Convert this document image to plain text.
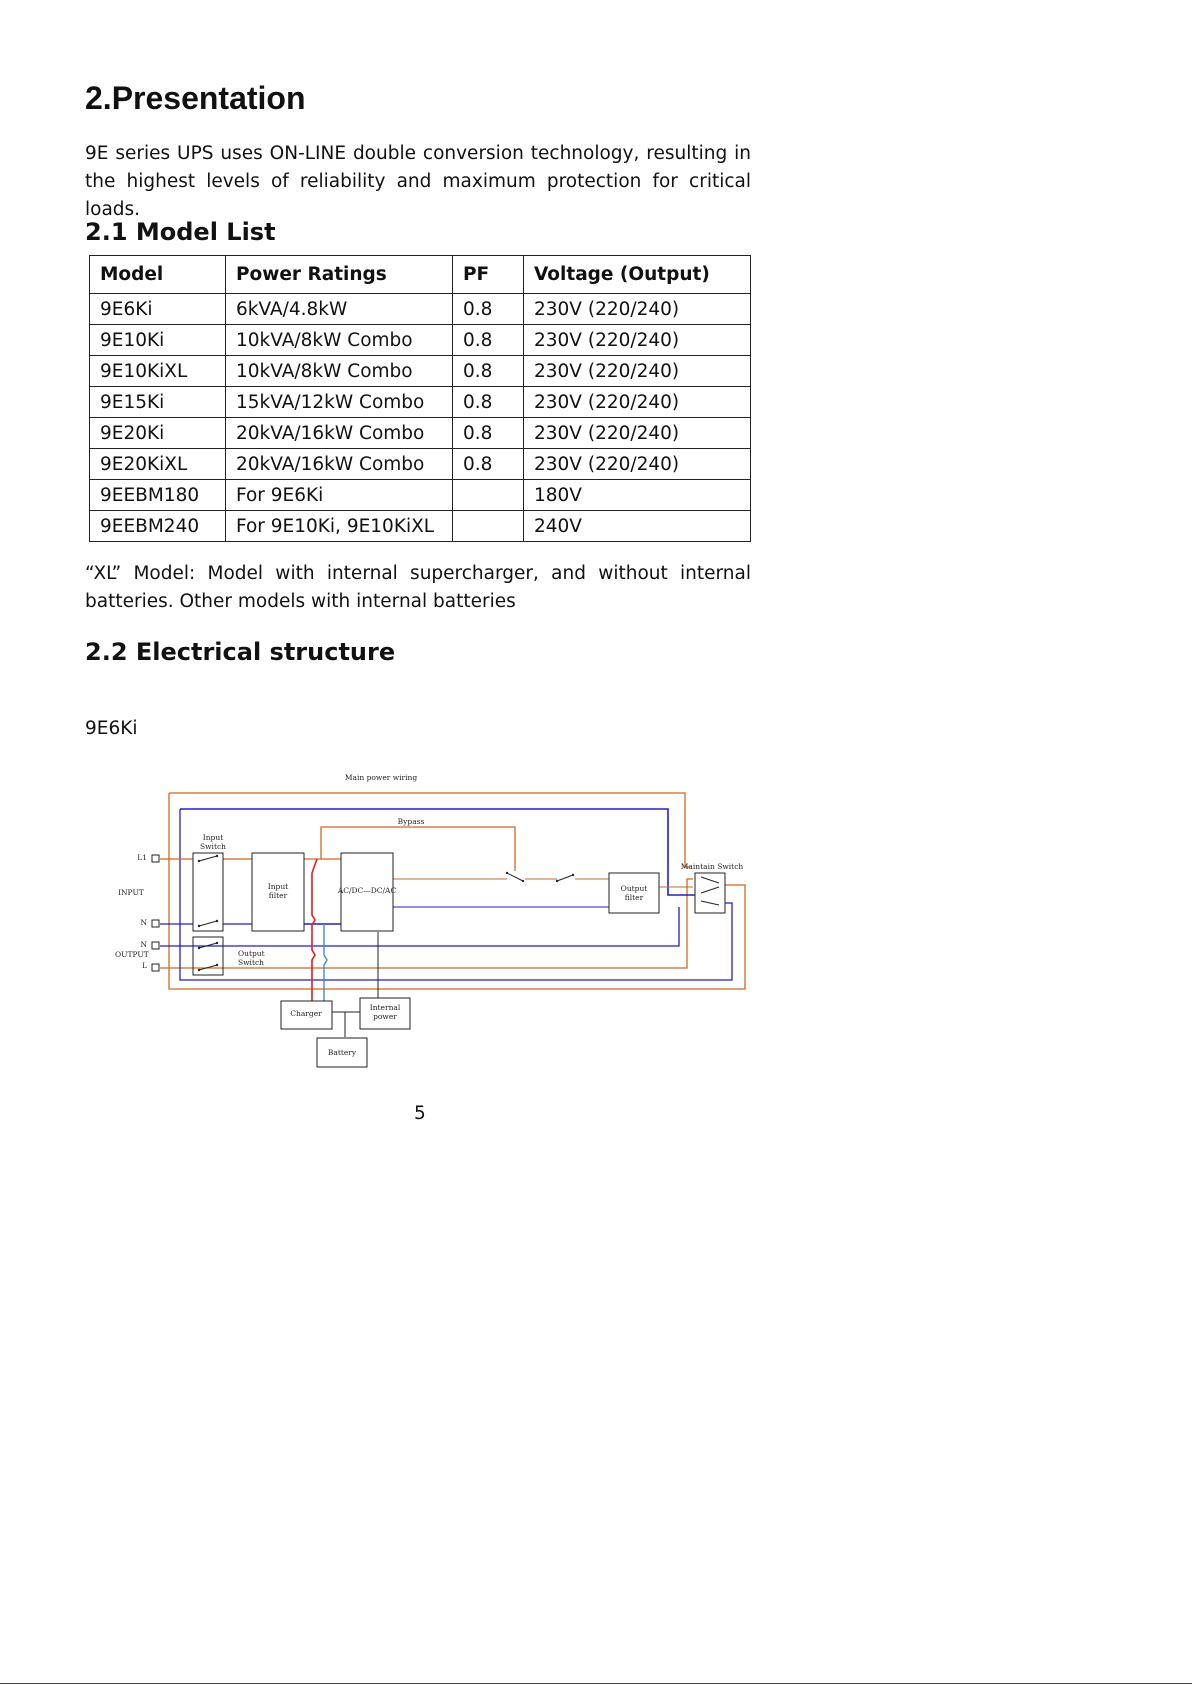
2.Presentation

9E series UPS uses ON-LINE double conversion technology, resulting in the highest levels of reliability and maximum protection for critical loads.

2.1 Model List
Model	Power Ratings	PF	Voltage (Output)
9E6Ki	6kVA/4.8kW	0.8	230V (220/240)
9E10Ki	10kVA/8kW Combo	0.8	230V (220/240)
9E10KiXL	10kVA/8kW Combo	0.8	230V (220/240)
9E15Ki	15kVA/12kW Combo	0.8	230V (220/240)
9E20Ki	20kVA/16kW Combo	0.8	230V (220/240)
9E20KiXL	20kVA/16kW Combo	0.8	230V (220/240)
9EEBM180	For 9E6Ki		180V
9EEBM240	For 9E10Ki, 9E10KiXL		240V

“XL” Model: Model with internal supercharger, and without internal batteries. Other models with internal batteries

2.2 Electrical structure
9E6Ki
Main power wiring
Bypass
Input
Switch
L1
INPUT
N
N
OUTPUT
L
Input
filter
AC/DC—DC/AC	Output
filter
Maintain Switch
Output
Switch
Charger
Internal
power
Battery
5
